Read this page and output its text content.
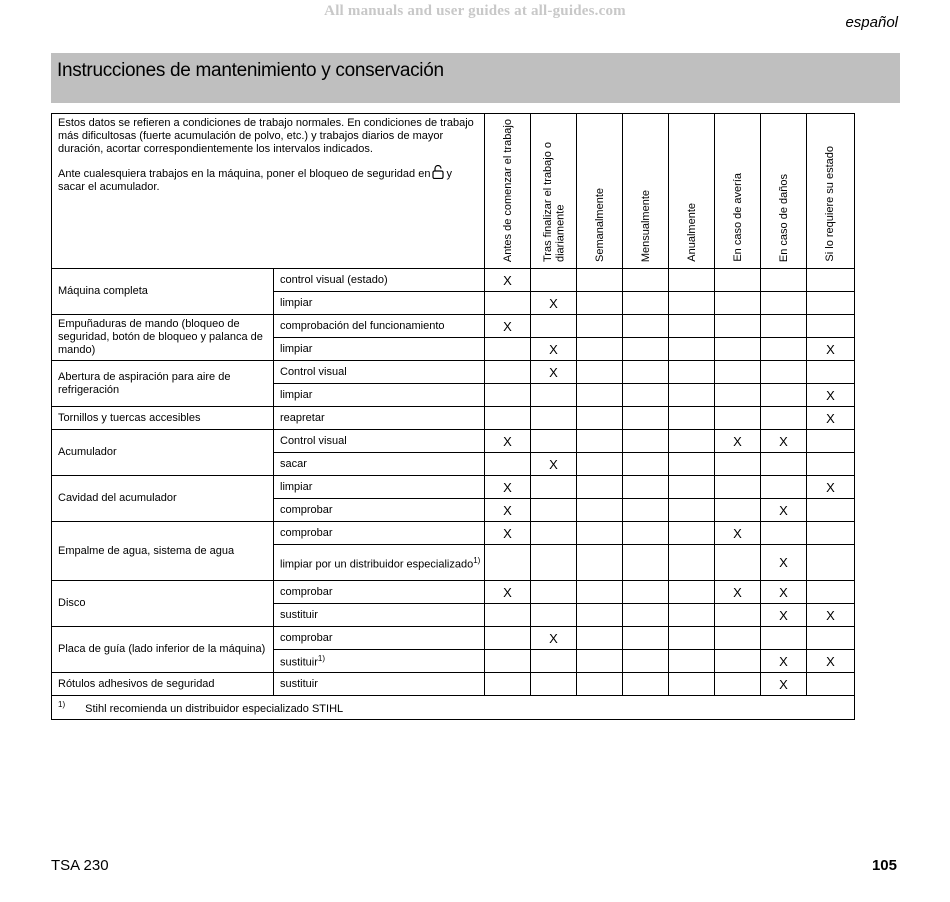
All manuals and user guides at all-guides.com
español
Instrucciones de mantenimiento y conservación

Estos datos se refieren a condiciones de trabajo normales. En condiciones de trabajo más dificultosas (fuerte acumulación de polvo, etc.) y trabajos diarios de mayor duración, acortar correspondientemente los intervalos indicados.

Ante cualesquiera trabajos en la máquina, poner el bloqueo de seguridad en y sacar el acumulador.		Antes de comenzar el trabajo	Tras finalizar el trabajo o diariamente	Semanalmente	Mensualmente	Anualmente	En caso de avería	En caso de daños	Si lo requiere su estado

Máquina completa	control visual (estado)	X							
	limpiar		X						
Empuñaduras de mando (bloqueo de seguridad, botón de bloqueo y palanca de mando)	comprobación del funcionamiento	X							
	limpiar		X						X
Abertura de aspiración para aire de refrigeración	Control visual		X						
	limpiar								X
Tornillos y tuercas accesibles	reapretar								X
Acumulador	Control visual	X					X	X	
	sacar		X						
Cavidad del acumulador	limpiar	X							X
	comprobar	X						X	
Empalme de agua, sistema de agua	comprobar	X					X		
	limpiar por un distribuidor especializado$^{1)}$							X	
Disco	comprobar	X					X	X	
	sustituir							X	X
Placa de guía (lado inferior de la máquina)	comprobar		X						
	sustituir$^{1)}$							X	X
Rótulos adhesivos de seguridad	sustituir							X	
$^{1)}$ Stihl recomienda un distribuidor especializado STIHL									
TSA 230	105
